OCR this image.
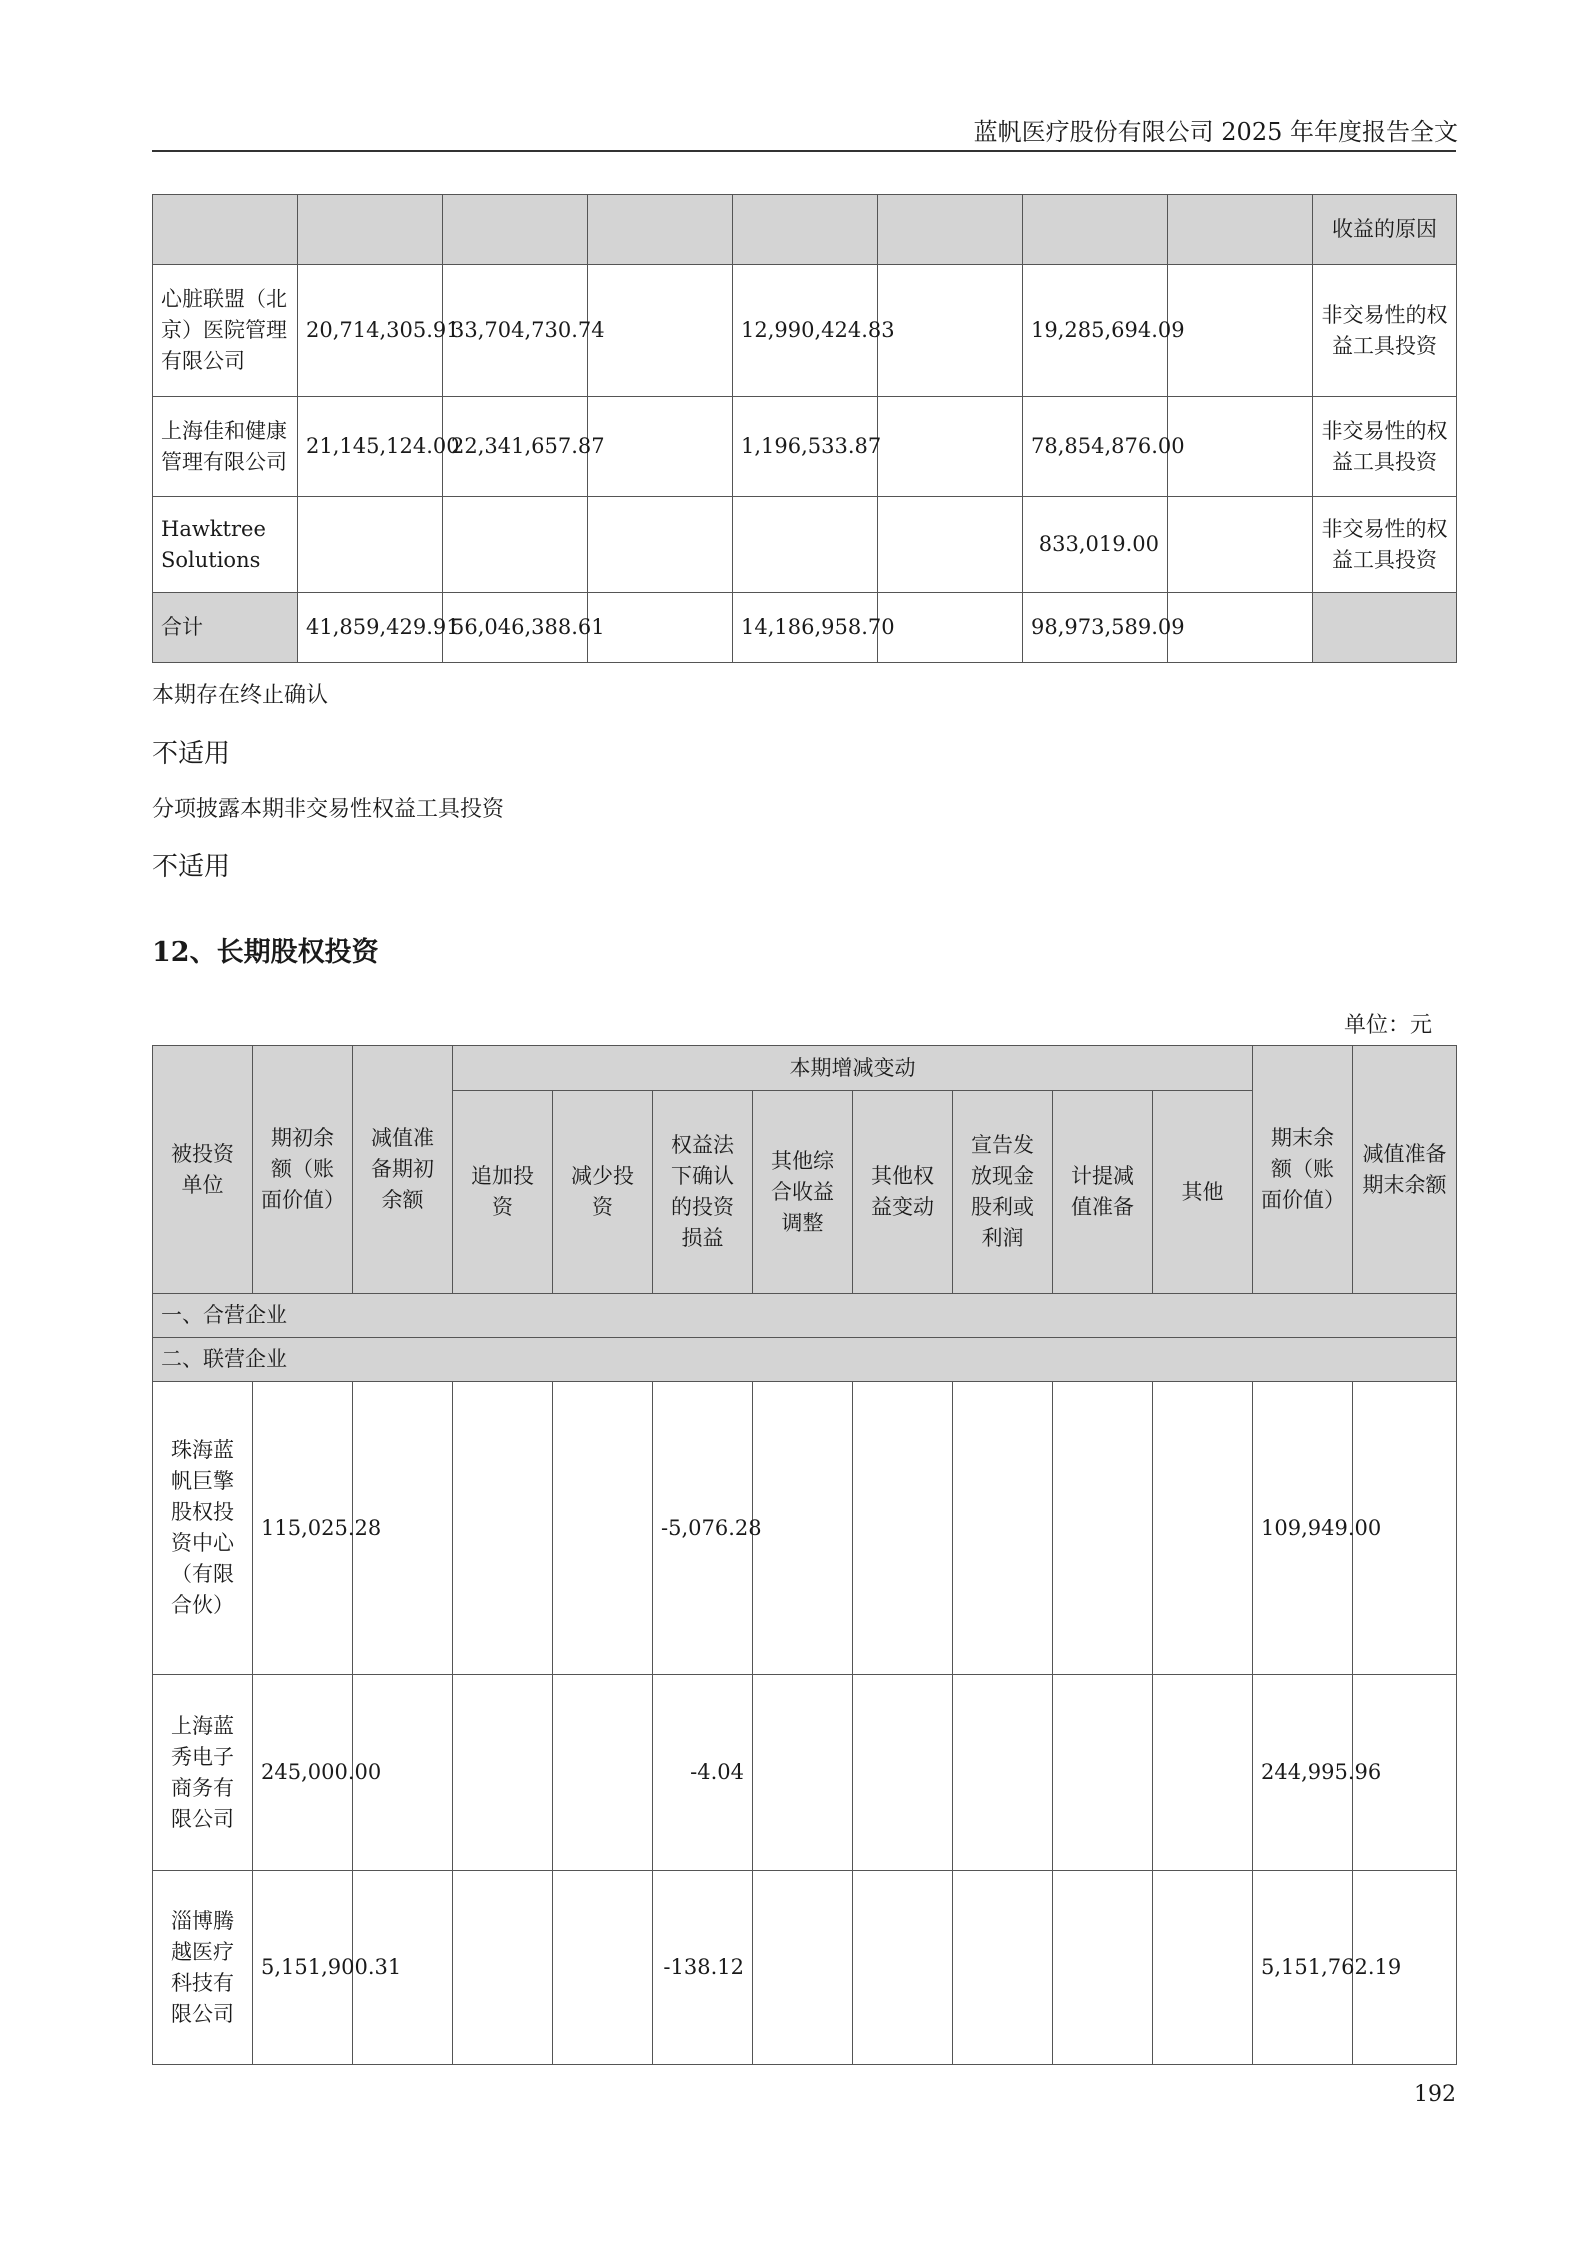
蓝帆医疗股份有限公司 2025 年年度报告全文
								收益的原因
心脏联盟（北京）医院管理有限公司	20,714,305.91	33,704,730.74		12,990,424.83		19,285,694.09		非交易性的权益工具投资
上海佳和健康管理有限公司	21,145,124.00	22,341,657.87		1,196,533.87		78,854,876.00		非交易性的权益工具投资
Hawktree Solutions						833,019.00		非交易性的权益工具投资
合计	41,859,429.91	56,046,388.61		14,186,958.70		98,973,589.09		
本期存在终止确认
不适用
分项披露本期非交易性权益工具投资
不适用
12、长期股权投资
单位：元
被投资单位	期初余额（账面价值）	减值准备期初余额	本期增减变动								期末余额（账面价值）	减值准备期末余额
			追加投资	减少投资	权益法下确认的投资损益	其他综合收益调整	其他权益变动	宣告发放现金股利或利润	计提减值准备	其他		
一、合营企业												
二、联营企业												
珠海蓝帆巨擎股权投资中心（有限合伙）	115,025.28				-5,076.28						109,949.00	
上海蓝秀电子商务有限公司	245,000.00				-4.04						244,995.96	
淄博腾越医疗科技有限公司	5,151,900.31				-138.12						5,151,762.19	
192
